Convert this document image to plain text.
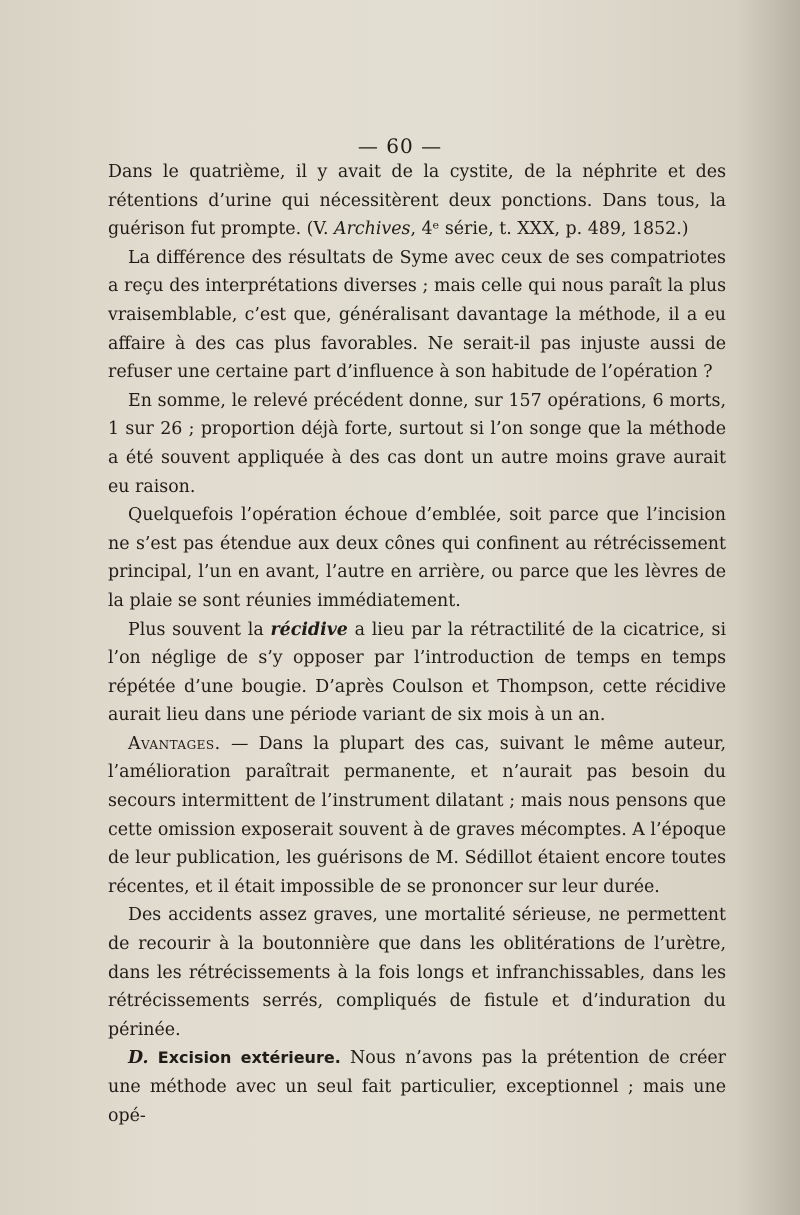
— 60 —

Dans le quatrième, il y avait de la cystite, de la néphrite et des rétentions d’urine qui nécessitèrent deux ponctions. Dans tous, la guérison fut prompte. (V. Archives, 4ᵉ série, t. XXX, p. 489, 1852.)

La différence des résultats de Syme avec ceux de ses compatriotes a reçu des interprétations diverses ; mais celle qui nous paraît la plus vraisemblable, c’est que, généralisant davantage la méthode, il a eu affaire à des cas plus favorables. Ne serait-il pas injuste aussi de refuser une certaine part d’influence à son habitude de l’opération ?

En somme, le relevé précédent donne, sur 157 opérations, 6 morts, 1 sur 26 ; proportion déjà forte, surtout si l’on songe que la méthode a été souvent appliquée à des cas dont un autre moins grave aurait eu raison.

Quelquefois l’opération échoue d’emblée, soit parce que l’incision ne s’est pas étendue aux deux cônes qui confinent au rétrécissement principal, l’un en avant, l’autre en arrière, ou parce que les lèvres de la plaie se sont réunies immédiatement.

Plus souvent la récidive a lieu par la rétractilité de la cicatrice, si l’on néglige de s’y opposer par l’introduction de temps en temps répétée d’une bougie. D’après Coulson et Thompson, cette récidive aurait lieu dans une période variant de six mois à un an.

Avantages. — Dans la plupart des cas, suivant le même auteur, l’amélioration paraîtrait permanente, et n’aurait pas besoin du secours intermittent de l’instrument dilatant ; mais nous pensons que cette omission exposerait souvent à de graves mécomptes. A l’époque de leur publication, les guérisons de M. Sédillot étaient encore toutes récentes, et il était impossible de se prononcer sur leur durée.

Des accidents assez graves, une mortalité sérieuse, ne permettent de recourir à la boutonnière que dans les oblitérations de l’urètre, dans les rétrécissements à la fois longs et infranchissables, dans les rétrécissements serrés, compliqués de fistule et d’induration du périnée.

D. Excision extérieure. Nous n’avons pas la prétention de créer une méthode avec un seul fait particulier, exceptionnel ; mais une opé-
